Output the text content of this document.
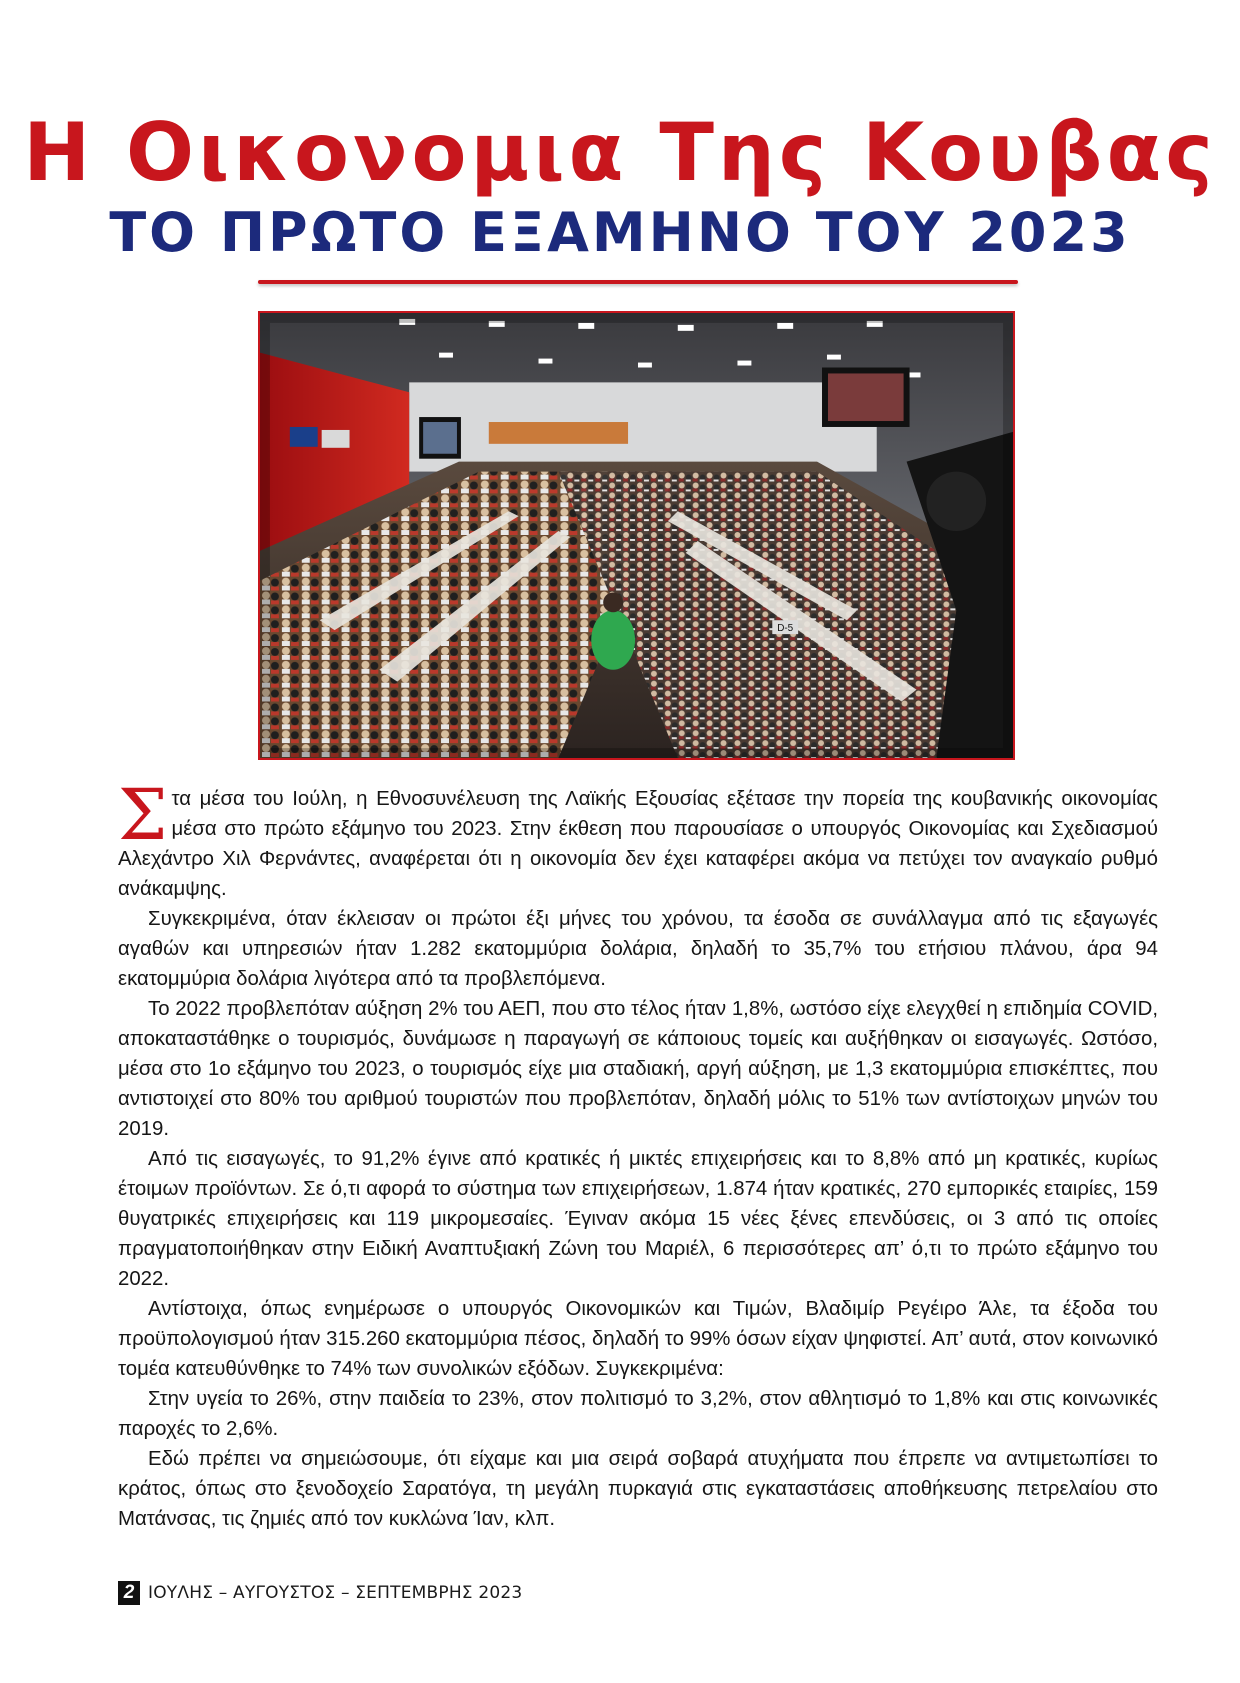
Η Οικονομια Της Κουβας
ΤΟ ΠΡΩΤΟ ΕΞΑΜΗΝΟ ΤΟΥ 2023
D-5

Στα μέσα του Ιούλη, η Εθνοσυνέλευση της Λαϊκής Εξουσίας εξέτασε την πορεία της κουβανικής οικονομίας μέσα στο πρώτο εξάμηνο του 2023. Στην έκθεση που παρουσίασε ο υπουργός Οικονομίας και Σχεδιασμού Αλεχάντρο Χιλ Φερνάντες, αναφέρεται ότι η οικονομία δεν έχει καταφέρει ακόμα να πετύχει τον αναγκαίο ρυθμό ανάκαμψης.

Συγκεκριμένα, όταν έκλεισαν οι πρώτοι έξι μήνες του χρόνου, τα έσοδα σε συνάλλαγμα από τις εξαγωγές αγαθών και υπηρεσιών ήταν 1.282 εκατομμύρια δολάρια, δηλαδή το 35,7% του ετήσιου πλάνου, άρα 94 εκατομμύρια δολάρια λιγότερα από τα προβλεπόμενα.

Το 2022 προβλεπόταν αύξηση 2% του ΑΕΠ, που στο τέλος ήταν 1,8%, ωστόσο είχε ελεγχθεί η επιδημία COVID, αποκαταστάθηκε ο τουρισμός, δυνάμωσε η παραγωγή σε κάποιους τομείς και αυξήθηκαν οι εισαγωγές. Ωστόσο, μέσα στο 1ο εξάμηνο του 2023, ο τουρισμός είχε μια σταδιακή, αργή αύξηση, με 1,3 εκατομμύρια επισκέπτες, που αντιστοιχεί στο 80% του αριθμού τουριστών που προβλεπόταν, δηλαδή μόλις το 51% των αντίστοιχων μηνών του 2019.

Από τις εισαγωγές, το 91,2% έγινε από κρατικές ή μικτές επιχειρήσεις και το 8,8% από μη κρατικές, κυρίως έτοιμων προϊόντων. Σε ό,τι αφορά το σύστημα των επιχειρήσεων, 1.874 ήταν κρατικές, 270 εμπορικές εταιρίες, 159 θυγατρικές επιχειρήσεις και 119 μικρομεσαίες. Έγιναν ακόμα 15 νέες ξένες επενδύσεις, οι 3 από τις οποίες πραγματοποιήθηκαν στην Ειδική Αναπτυξιακή Ζώνη του Μαριέλ, 6 περισσότερες απ’ ό,τι το πρώτο εξάμηνο του 2022.

Αντίστοιχα, όπως ενημέρωσε ο υπουργός Οικονομικών και Τιμών, Βλαδιμίρ Ρεγέιρο Άλε, τα έξοδα του προϋπολογισμού ήταν 315.260 εκατομμύρια πέσος, δηλαδή το 99% όσων είχαν ψηφιστεί. Απ’ αυτά, στον κοινωνικό τομέα κατευθύνθηκε το 74% των συνολικών εξόδων. Συγκεκριμένα:

Στην υγεία το 26%, στην παιδεία το 23%, στον πολιτισμό το 3,2%, στον αθλητισμό το 1,8% και στις κοινωνικές παροχές το 2,6%.

Εδώ πρέπει να σημειώσουμε, ότι είχαμε και μια σειρά σοβαρά ατυχήματα που έπρεπε να αντιμετωπίσει το κράτος, όπως στο ξενοδοχείο Σαρατόγα, τη μεγάλη πυρκαγιά στις εγκαταστάσεις αποθήκευσης πετρελαίου στο Ματάνσας, τις ζημιές από τον κυκλώνα Ίαν, κλπ.

2 ΙΟΥΛΗΣ – ΑΥΓΟΥΣΤΟΣ – ΣΕΠΤΕΜΒΡΗΣ 2023
